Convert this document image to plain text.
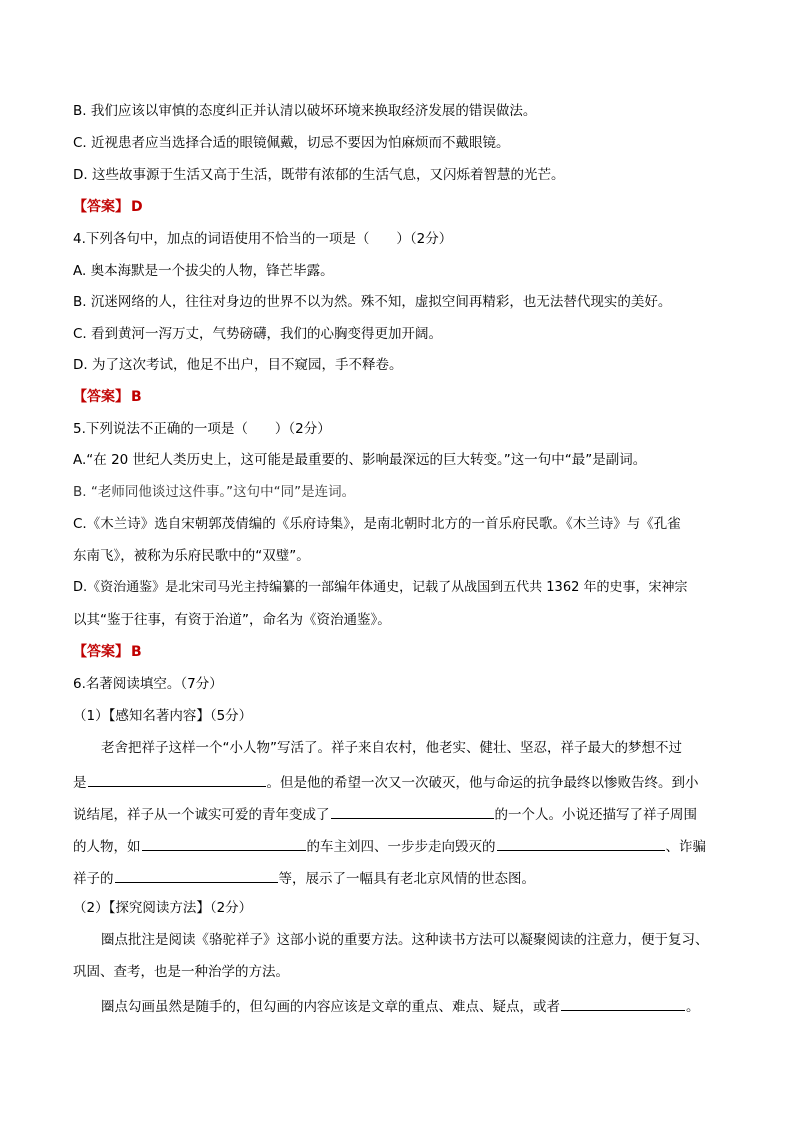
B. 我们应该以审慎的态度纠正并认清以破坏环境来换取经济发展的错误做法。
C. 近视患者应当选择合适的眼镜佩戴，切忌不要因为怕麻烦而不戴眼镜。
D. 这些故事源于生活又高于生活，既带有浓郁的生活气息，又闪烁着智慧的光芒。
【答案】 D
4.下列各句中，加点的词语使用不恰当的一项是（　　）（2分）
A. 奥本海默是一个拔尖的人物，锋芒毕露。
B. 沉迷网络的人，往往对身边的世界不以为然。殊不知，虚拟空间再精彩，也无法替代现实的美好。
C. 看到黄河一泻万丈，气势磅礴，我们的心胸变得更加开阔。
D. 为了这次考试，他足不出户，目不窥园，手不释卷。
【答案】 B
5.下列说法不正确的一项是（　　）（2分）
A.“在 20 世纪人类历史上，这可能是最重要的、影响最深远的巨大转变。”这一句中“最”是副词。
B. “老师同他谈过这件事。”这句中“同”是连词。
C.《木兰诗》选自宋朝郭茂倩编的《乐府诗集》，是南北朝时北方的一首乐府民歌。《木兰诗》与《孔雀
东南飞》，被称为乐府民歌中的“双璧”。
D.《资治通鉴》是北宋司马光主持编纂的一部编年体通史，记载了从战国到五代共 1362 年的史事，宋神宗
以其“鉴于往事，有资于治道”，命名为《资治通鉴》。
【答案】 B
6.名著阅读填空。（7分）
（1）【感知名著内容】（5分）
老舍把祥子这样一个“小人物”写活了。祥子来自农村，他老实、健壮、坚忍，祥子最大的梦想不过
是	。但是他的希望一次又一次破灭，他与命运的抗争最终以惨败告终。到小
说结尾，祥子从一个诚实可爱的青年变成了	的一个人。小说还描写了祥子周围
的人物，如	的车主刘四、一步步走向毁灭的	、诈骗
祥子的	等，展示了一幅具有老北京风情的世态图。
（2）【探究阅读方法】（2分）
圈点批注是阅读《骆驼祥子》这部小说的重要方法。这种读书方法可以凝聚阅读的注意力，便于复习、
巩固、查考，也是一种治学的方法。
圈点勾画虽然是随手的，但勾画的内容应该是文章的重点、难点、疑点，或者	。
